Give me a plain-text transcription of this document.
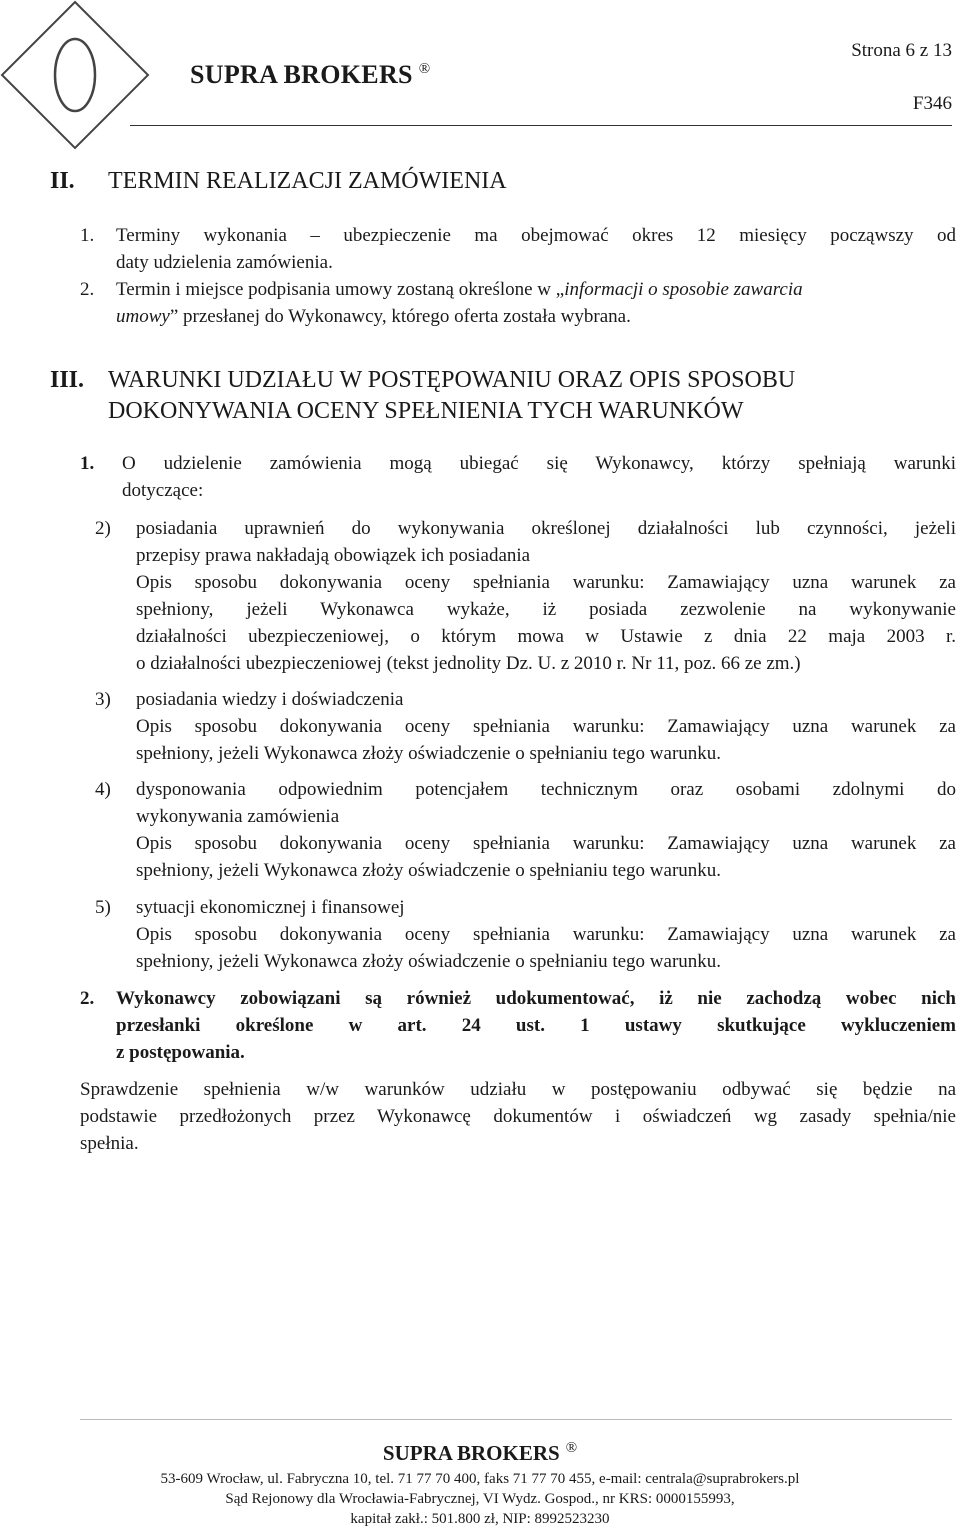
SUPRA BROKERS ®
Strona 6 z 13
F346
II. TERMIN REALIZACJI ZAMÓWIENIA
1. Terminy wykonania – ubezpieczenie ma obejmować okres 12 miesięcy począwszy od
daty udzielenia zamówienia.
2. Termin i miejsce podpisania umowy zostaną określone w „informacji o sposobie zawarcia
umowy” przesłanej do Wykonawcy, którego oferta została wybrana.
III. WARUNKI UDZIAŁU W POSTĘPOWANIU ORAZ OPIS SPOSOBU
DOKONYWANIA OCENY SPEŁNIENIA TYCH WARUNKÓW
1. O udzielenie zamówienia mogą ubiegać się Wykonawcy, którzy spełniają warunki
dotyczące:
2) posiadania uprawnień do wykonywania określonej działalności lub czynności, jeżeli
przepisy prawa nakładają obowiązek ich posiadania
Opis sposobu dokonywania oceny spełniania warunku: Zamawiający uzna warunek za
spełniony, jeżeli Wykonawca wykaże, iż posiada zezwolenie na wykonywanie
działalności ubezpieczeniowej, o którym mowa w Ustawie z dnia 22 maja 2003 r.
o działalności ubezpieczeniowej (tekst jednolity Dz. U. z 2010 r. Nr 11, poz. 66 ze zm.)
3) posiadania wiedzy i doświadczenia
Opis sposobu dokonywania oceny spełniania warunku: Zamawiający uzna warunek za
spełniony, jeżeli Wykonawca złoży oświadczenie o spełnianiu tego warunku.
4) dysponowania odpowiednim potencjałem technicznym oraz osobami zdolnymi do
wykonywania zamówienia
Opis sposobu dokonywania oceny spełniania warunku: Zamawiający uzna warunek za
spełniony, jeżeli Wykonawca złoży oświadczenie o spełnianiu tego warunku.
5) sytuacji ekonomicznej i finansowej
Opis sposobu dokonywania oceny spełniania warunku: Zamawiający uzna warunek za
spełniony, jeżeli Wykonawca złoży oświadczenie o spełnianiu tego warunku.
2. Wykonawcy zobowiązani są również udokumentować, iż nie zachodzą wobec nich
przesłanki określone w art. 24 ust. 1 ustawy skutkujące wykluczeniem
z postępowania.
Sprawdzenie spełnienia w/w warunków udziału w postępowaniu odbywać się będzie na
podstawie przedłożonych przez Wykonawcę dokumentów i oświadczeń wg zasady spełnia/nie
spełnia.
SUPRA BROKERS ®
53-609 Wrocław, ul. Fabryczna 10, tel. 71 77 70 400, faks 71 77 70 455, e-mail: centrala@suprabrokers.pl
Sąd Rejonowy dla Wrocławia-Fabrycznej, VI Wydz. Gospod., nr KRS: 0000155993,
kapitał zakł.: 501.800 zł, NIP: 8992523230
